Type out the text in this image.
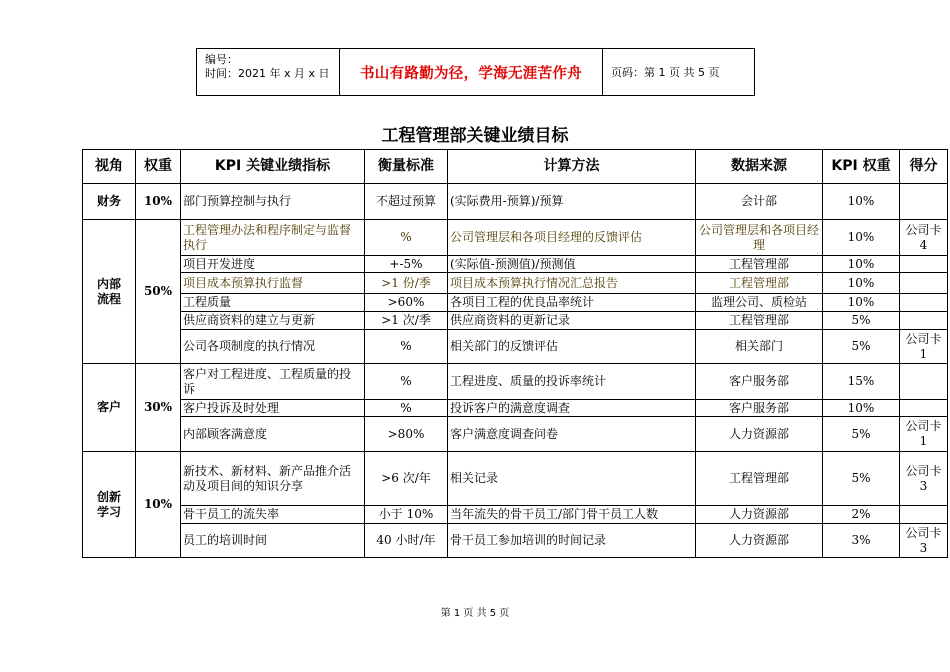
编号：
时间：2021 年 x 月 x 日	书山有路勤为径，学海无涯苦作舟	页码：第 1 页 共 5 页
工程管理部关键业绩目标
视角	权重	KPI 关键业绩指标	衡量标准	计算方法	数据来源	KPI 权重	得分

财务	10%	部门预算控制与执行	不超过预算	(实际费用-预算)/预算	会计部	10%	

内部
流程	50%	工程管理办法和程序制定与监督执行	%	公司管理层和各项目经理的反馈评估	公司管理层和各项目经理	10%	公司卡 4
		项目开发进度	+-5%	(实际值-预测值)/预测值	工程管理部	10%	
		项目成本预算执行监督	>1 份/季	项目成本预算执行情况汇总报告	工程管理部	10%	
		工程质量	>60%	各项目工程的优良品率统计	监理公司、质检站	10%	
		供应商资料的建立与更新	>1 次/季	供应商资料的更新记录	工程管理部	5%	
		公司各项制度的执行情况	%	相关部门的反馈评估	相关部门	5%	公司卡 1

客户	30%	客户对工程进度、工程质量的投诉	%	工程进度、质量的投诉率统计	客户服务部	15%	
		客户投诉及时处理	%	投诉客户的满意度调查	客户服务部	10%	
		内部顾客满意度	>80%	客户满意度调查问卷	人力资源部	5%	公司卡 1

创新
学习	10%	新技术、新材料、新产品推介活动及项目间的知识分享	>6 次/年	相关记录	工程管理部	5%	公司卡 3
		骨干员工的流失率	小于 10%	当年流失的骨干员工/部门骨干员工人数	人力资源部	2%	
		员工的培训时间	40 小时/年	骨干员工参加培训的时间记录	人力资源部	3%	公司卡 3
第 1 页 共 5 页
